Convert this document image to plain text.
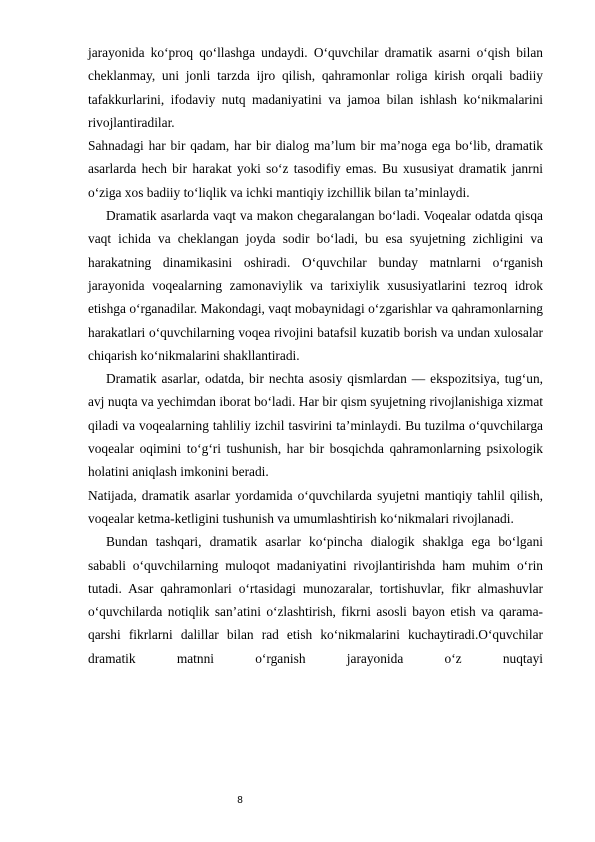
jarayonida ko‘proq qo‘llashga undaydi. O‘quvchilar dramatik asarni o‘qish bilan cheklanmay, uni jonli tarzda ijro qilish, qahramonlar roliga kirish orqali badiiy tafakkurlarini, ifodaviy nutq madaniyatini va jamoa bilan ishlash ko‘nikmalarini rivojlantiradilar.

Sahnadagi har bir qadam, har bir dialog ma’lum bir ma’noga ega bo‘lib, dramatik asarlarda hech bir harakat yoki so‘z tasodifiy emas. Bu xususiyat dramatik janrni o‘ziga xos badiiy to‘liqlik va ichki mantiqiy izchillik bilan ta’minlaydi.

Dramatik asarlarda vaqt va makon chegaralangan bo‘ladi. Voqealar odatda qisqa vaqt ichida va cheklangan joyda sodir bo‘ladi, bu esa syujetning zichligini va harakatning dinamikasini oshiradi. O‘quvchilar bunday matnlarni o‘rganish jarayonida voqealarning zamonaviylik va tarixiylik xususiyatlarini tezroq idrok etishga o‘rganadilar. Makondagi, vaqt mobaynidagi o‘zgarishlar va qahramonlarning harakatlari o‘quvchilarning voqea rivojini batafsil kuzatib borish va undan xulosalar chiqarish ko‘nikmalarini shakllantiradi.

Dramatik asarlar, odatda, bir nechta asosiy qismlardan — ekspozitsiya, tug‘un, avj nuqta va yechimdan iborat bo‘ladi. Har bir qism syujetning rivojlanishiga xizmat qiladi va voqealarning tahliliy izchil tasvirini ta’minlaydi. Bu tuzilma o‘quvchilarga voqealar oqimini to‘g‘ri tushunish, har bir bosqichda qahramonlarning psixologik holatini aniqlash imkonini beradi.

Natijada, dramatik asarlar yordamida o‘quvchilarda syujetni mantiqiy tahlil qilish, voqealar ketma-ketligini tushunish va umumlashtirish ko‘nikmalari rivojlanadi.

Bundan tashqari, dramatik asarlar ko‘pincha dialogik shaklga ega bo‘lgani sababli o‘quvchilarning muloqot madaniyatini rivojlantirishda ham muhim o‘rin tutadi. Asar qahramonlari o‘rtasidagi munozaralar, tortishuvlar, fikr almashuvlar o‘quvchilarda notiqlik san’atini o‘zlashtirish, fikrni asosli bayon etish va qarama-qarshi fikrlarni dalillar bilan rad etish ko‘nikmalarini kuchaytiradi.O‘quvchilar dramatik matnni o‘rganish jarayonida o‘z nuqtayi

8
